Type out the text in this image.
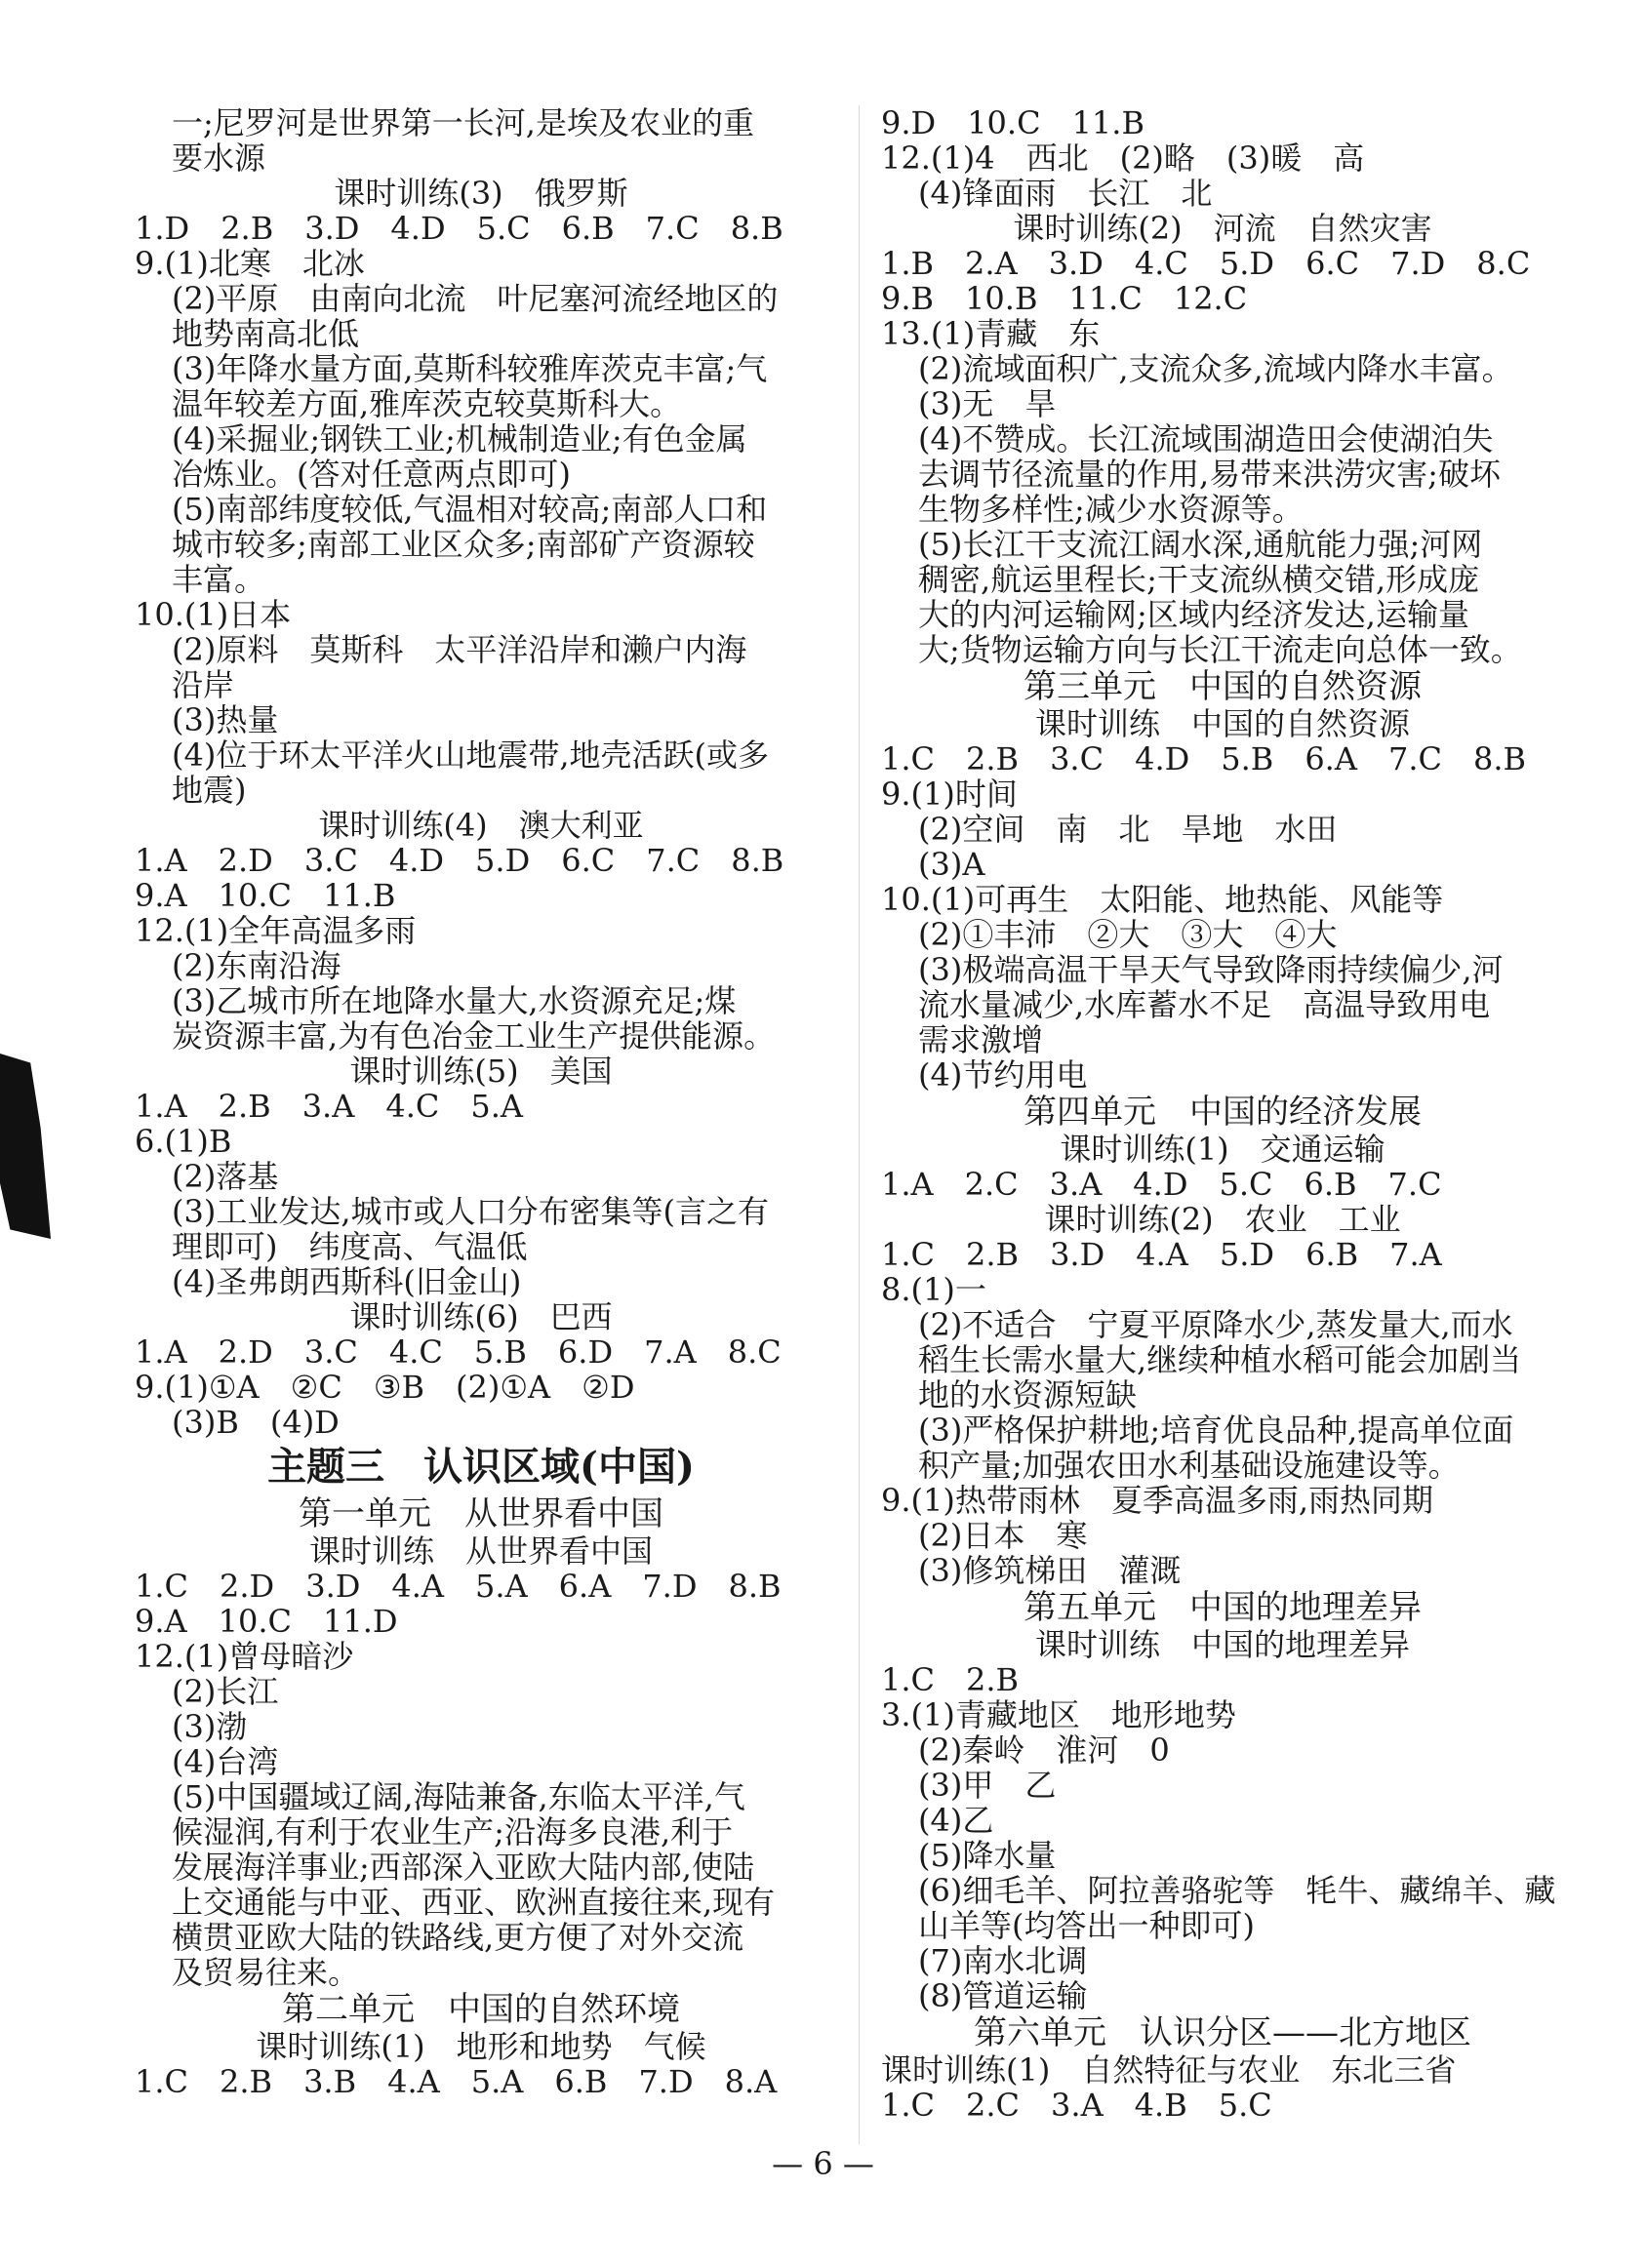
一;尼罗河是世界第一长河,是埃及农业的重
要水源
课时训练(3)　俄罗斯
1.D　2.B　3.D　4.D　5.C　6.B　7.C　8.B
9.(1)北寒　北冰
(2)平原　由南向北流　叶尼塞河流经地区的
地势南高北低
(3)年降水量方面,莫斯科较雅库茨克丰富;气
温年较差方面,雅库茨克较莫斯科大。
(4)采掘业;钢铁工业;机械制造业;有色金属
冶炼业。(答对任意两点即可)
(5)南部纬度较低,气温相对较高;南部人口和
城市较多;南部工业区众多;南部矿产资源较
丰富。
10.(1)日本
(2)原料　莫斯科　太平洋沿岸和濑户内海
沿岸
(3)热量
(4)位于环太平洋火山地震带,地壳活跃(或多
地震)
课时训练(4)　澳大利亚
1.A　2.D　3.C　4.D　5.D　6.C　7.C　8.B
9.A　10.C　11.B
12.(1)全年高温多雨
(2)东南沿海
(3)乙城市所在地降水量大,水资源充足;煤
炭资源丰富,为有色冶金工业生产提供能源。
课时训练(5)　美国
1.A　2.B　3.A　4.C　5.A
6.(1)B
(2)落基
(3)工业发达,城市或人口分布密集等(言之有
理即可)　纬度高、气温低
(4)圣弗朗西斯科(旧金山)
课时训练(6)　巴西
1.A　2.D　3.C　4.C　5.B　6.D　7.A　8.C
9.(1)①A　②C　③B　(2)①A　②D
(3)B　(4)D
主题三　认识区域(中国)
第一单元　从世界看中国
课时训练　从世界看中国
1.C　2.D　3.D　4.A　5.A　6.A　7.D　8.B
9.A　10.C　11.D
12.(1)曾母暗沙
(2)长江
(3)渤
(4)台湾
(5)中国疆域辽阔,海陆兼备,东临太平洋,气
候湿润,有利于农业生产;沿海多良港,利于
发展海洋事业;西部深入亚欧大陆内部,使陆
上交通能与中亚、西亚、欧洲直接往来,现有
横贯亚欧大陆的铁路线,更方便了对外交流
及贸易往来。
第二单元　中国的自然环境
课时训练(1)　地形和地势　气候
1.C　2.B　3.B　4.A　5.A　6.B　7.D　8.A
9.D　10.C　11.B
12.(1)4　西北　(2)略　(3)暖　高
(4)锋面雨　长江　北
课时训练(2)　河流　自然灾害
1.B　2.A　3.D　4.C　5.D　6.C　7.D　8.C
9.B　10.B　11.C　12.C
13.(1)青藏　东
(2)流域面积广,支流众多,流域内降水丰富。
(3)无　旱
(4)不赞成。长江流域围湖造田会使湖泊失
去调节径流量的作用,易带来洪涝灾害;破坏
生物多样性;减少水资源等。
(5)长江干支流江阔水深,通航能力强;河网
稠密,航运里程长;干支流纵横交错,形成庞
大的内河运输网;区域内经济发达,运输量
大;货物运输方向与长江干流走向总体一致。
第三单元　中国的自然资源
课时训练　中国的自然资源
1.C　2.B　3.C　4.D　5.B　6.A　7.C　8.B
9.(1)时间
(2)空间　南　北　旱地　水田
(3)A
10.(1)可再生　太阳能、地热能、风能等
(2)①丰沛　②大　③大　④大
(3)极端高温干旱天气导致降雨持续偏少,河
流水量减少,水库蓄水不足　高温导致用电
需求激增
(4)节约用电
第四单元　中国的经济发展
课时训练(1)　交通运输
1.A　2.C　3.A　4.D　5.C　6.B　7.C
课时训练(2)　农业　工业
1.C　2.B　3.D　4.A　5.D　6.B　7.A
8.(1)一
(2)不适合　宁夏平原降水少,蒸发量大,而水
稻生长需水量大,继续种植水稻可能会加剧当
地的水资源短缺
(3)严格保护耕地;培育优良品种,提高单位面
积产量;加强农田水利基础设施建设等。
9.(1)热带雨林　夏季高温多雨,雨热同期
(2)日本　寒
(3)修筑梯田　灌溉
第五单元　中国的地理差异
课时训练　中国的地理差异
1.C　2.B
3.(1)青藏地区　地形地势
(2)秦岭　淮河　0
(3)甲　乙
(4)乙
(5)降水量
(6)细毛羊、阿拉善骆驼等　牦牛、藏绵羊、藏
山羊等(均答出一种即可)
(7)南水北调
(8)管道运输
第六单元　认识分区——北方地区
课时训练(1)　自然特征与农业　东北三省
1.C　2.C　3.A　4.B　5.C
— 6 —
